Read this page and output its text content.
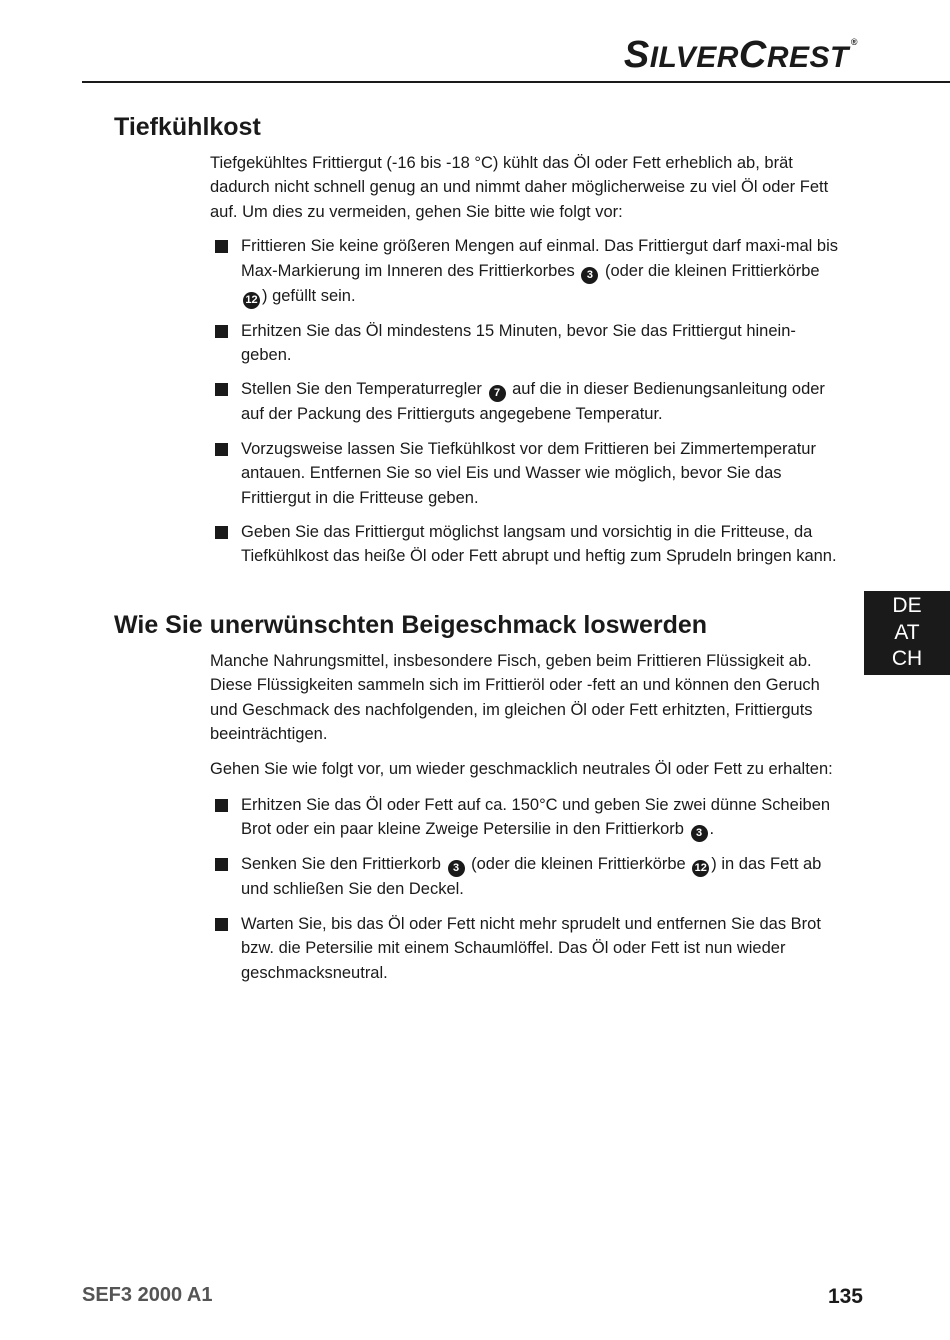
SILVERCREST ®
Tiefkühlkost

Tiefgekühltes Frittiergut (-16 bis -18 °C) kühlt das Öl oder Fett erheblich ab, brät dadurch nicht schnell genug an und nimmt daher möglicherweise zu viel Öl oder Fett auf. Um dies zu vermeiden, gehen Sie bitte wie folgt vor:

Frittieren Sie keine größeren Mengen auf einmal. Das Frittiergut darf maxi-mal bis Max-Markierung im Inneren des Frittierkorbes 3 (oder die kleinen Frittierkörbe 12 ) gefüllt sein.
Erhitzen Sie das Öl mindestens 15 Minuten, bevor Sie das Frittiergut hinein-geben.
Stellen Sie den Temperaturregler 7 auf die in dieser Bedienungsanleitung oder auf der Packung des Frittierguts angegebene Temperatur.
Vorzugsweise lassen Sie Tiefkühlkost vor dem Frittieren bei Zimmertemperatur antauen. Entfernen Sie so viel Eis und Wasser wie möglich, bevor Sie das Frittiergut in die Fritteuse geben.
Geben Sie das Frittiergut möglichst langsam und vorsichtig in die Fritteuse, da Tiefkühlkost das heiße Öl oder Fett abrupt und heftig zum Sprudeln bringen kann.
Wie Sie unerwünschten Beigeschmack loswerden

Manche Nahrungsmittel, insbesondere Fisch, geben beim Frittieren Flüssigkeit ab. Diese Flüssigkeiten sammeln sich im Frittieröl oder -fett an und können den Geruch und Geschmack des nachfolgenden, im gleichen Öl oder Fett erhitzten, Frittierguts beeinträchtigen.

Gehen Sie wie folgt vor, um wieder geschmacklich neutrales Öl oder Fett zu erhalten:

Erhitzen Sie das Öl oder Fett auf ca. 150°C und geben Sie zwei dünne Scheiben Brot oder ein paar kleine Zweige Petersilie in den Frittierkorb 3 .
Senken Sie den Frittierkorb 3 (oder die kleinen Frittierkörbe 12 ) in das Fett ab und schließen Sie den Deckel.
Warten Sie, bis das Öl oder Fett nicht mehr sprudelt und entfernen Sie das Brot bzw. die Petersilie mit einem Schaumlöffel. Das Öl oder Fett ist nun wieder geschmacksneutral.
DE
AT
CH
SEF3 2000 A1	135
